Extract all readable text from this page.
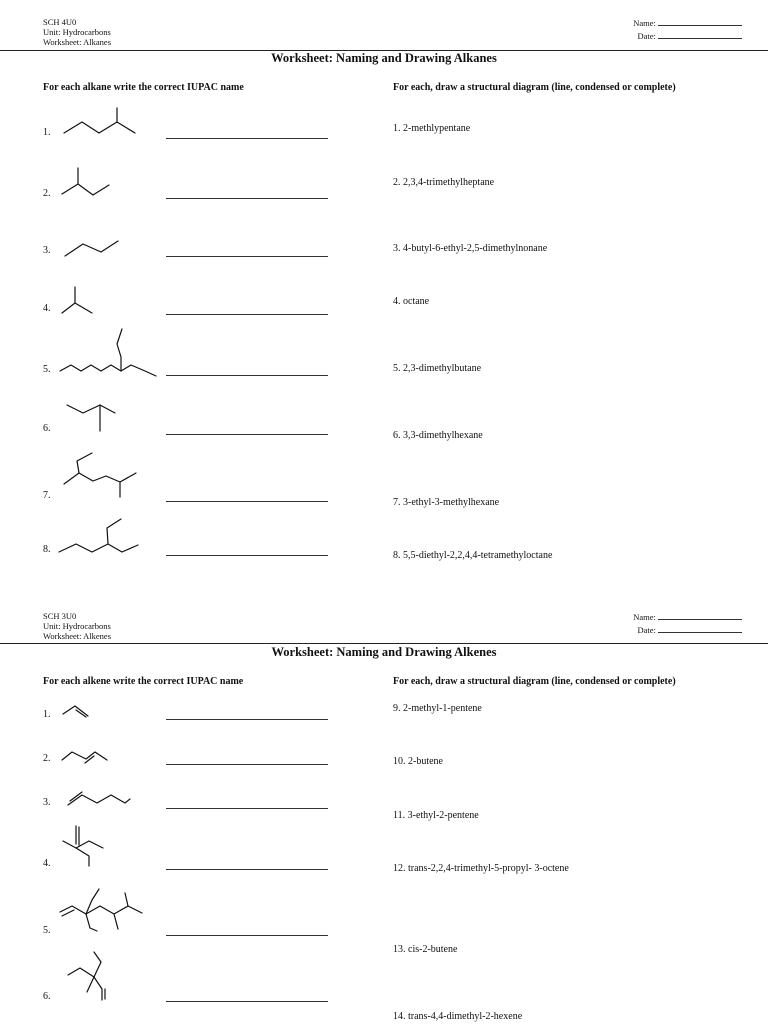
SCH 4U0
Unit: Hydrocarbons
Worksheet: Alkanes
Name:
Date:
Worksheet: Naming and Drawing Alkanes
For each alkane write the correct IUPAC name	For each, draw a structural diagram (line, condensed or complete)
1.
2.
3.
4.
5.
6.
7.
8.
1. 2-methlypentane
2. 2,3,4-trimethylheptane
3. 4-butyl-6-ethyl-2,5-dimethylnonane
4. octane
5. 2,3-dimethylbutane
6. 3,3-dimethylhexane
7. 3-ethyl-3-methylhexane
8. 5,5-diethyl-2,2,4,4-tetramethyloctane
SCH 3U0
Unit: Hydrocarbons
Worksheet: Alkenes
Name:
Date:
Worksheet: Naming and Drawing Alkenes
For each alkene write the correct IUPAC name	For each, draw a structural diagram (line, condensed or complete)
1.
2.
3.
4.
5.
6.
9. 2-methyl-1-pentene
10. 2-butene
11. 3-ethyl-2-pentene
12. trans-2,2,4-trimethyl-5-propyl- 3-octene
13. cis-2-butene
14. trans-4,4-dimethyl-2-hexene
